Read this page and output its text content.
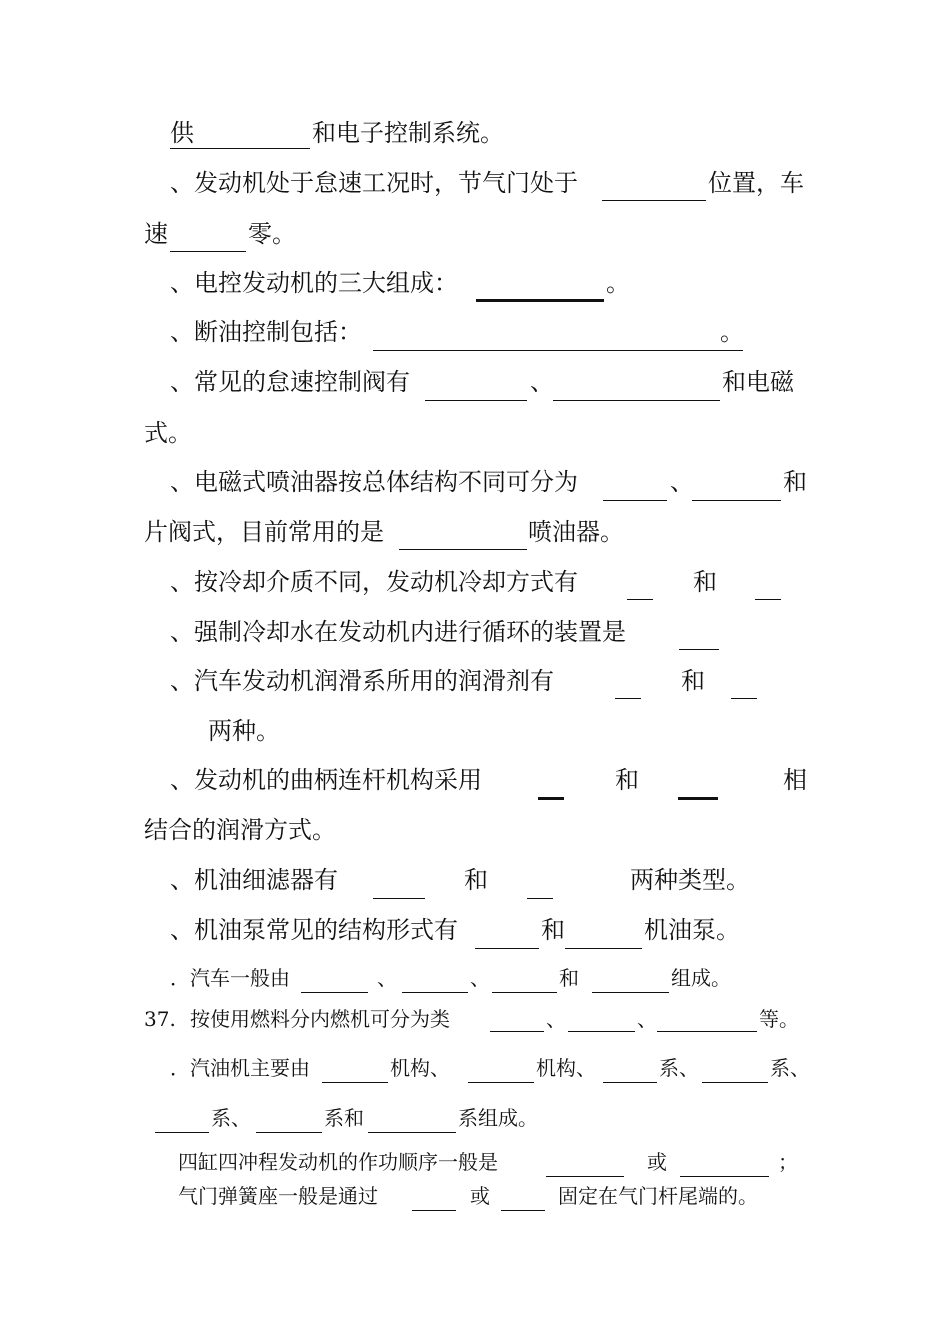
供	和电子控制系统。
、发动机处于怠速工况时，节气门处于	位置，车
速	零。
、电控发动机的三大组成：	。
、断油控制包括：	。
、常见的怠速控制阀有	、	和电磁
式。
、电磁式喷油器按总体结构不同可分为	、	和
片阀式，目前常用的是	喷油器。
、按冷却介质不同，发动机冷却方式有	和
、强制冷却水在发动机内进行循环的装置是
、汽车发动机润滑系所用的润滑剂有	和
两种。
、发动机的曲柄连杆机构采用	和	相
结合的润滑方式。
、机油细滤器有	和	两种类型。
、机油泵常见的结构形式有	和	机油泵。
．汽车一般由	、	、	和	组成。
37. 按使用燃料分内燃机可分为类	、	、	等。
．汽油机主要由	机构、	机构、	系、	系、
系、	系和	系组成。
四缸四冲程发动机的作功顺序一般是	或	；
气门弹簧座一般是通过	或	固定在气门杆尾端的。
